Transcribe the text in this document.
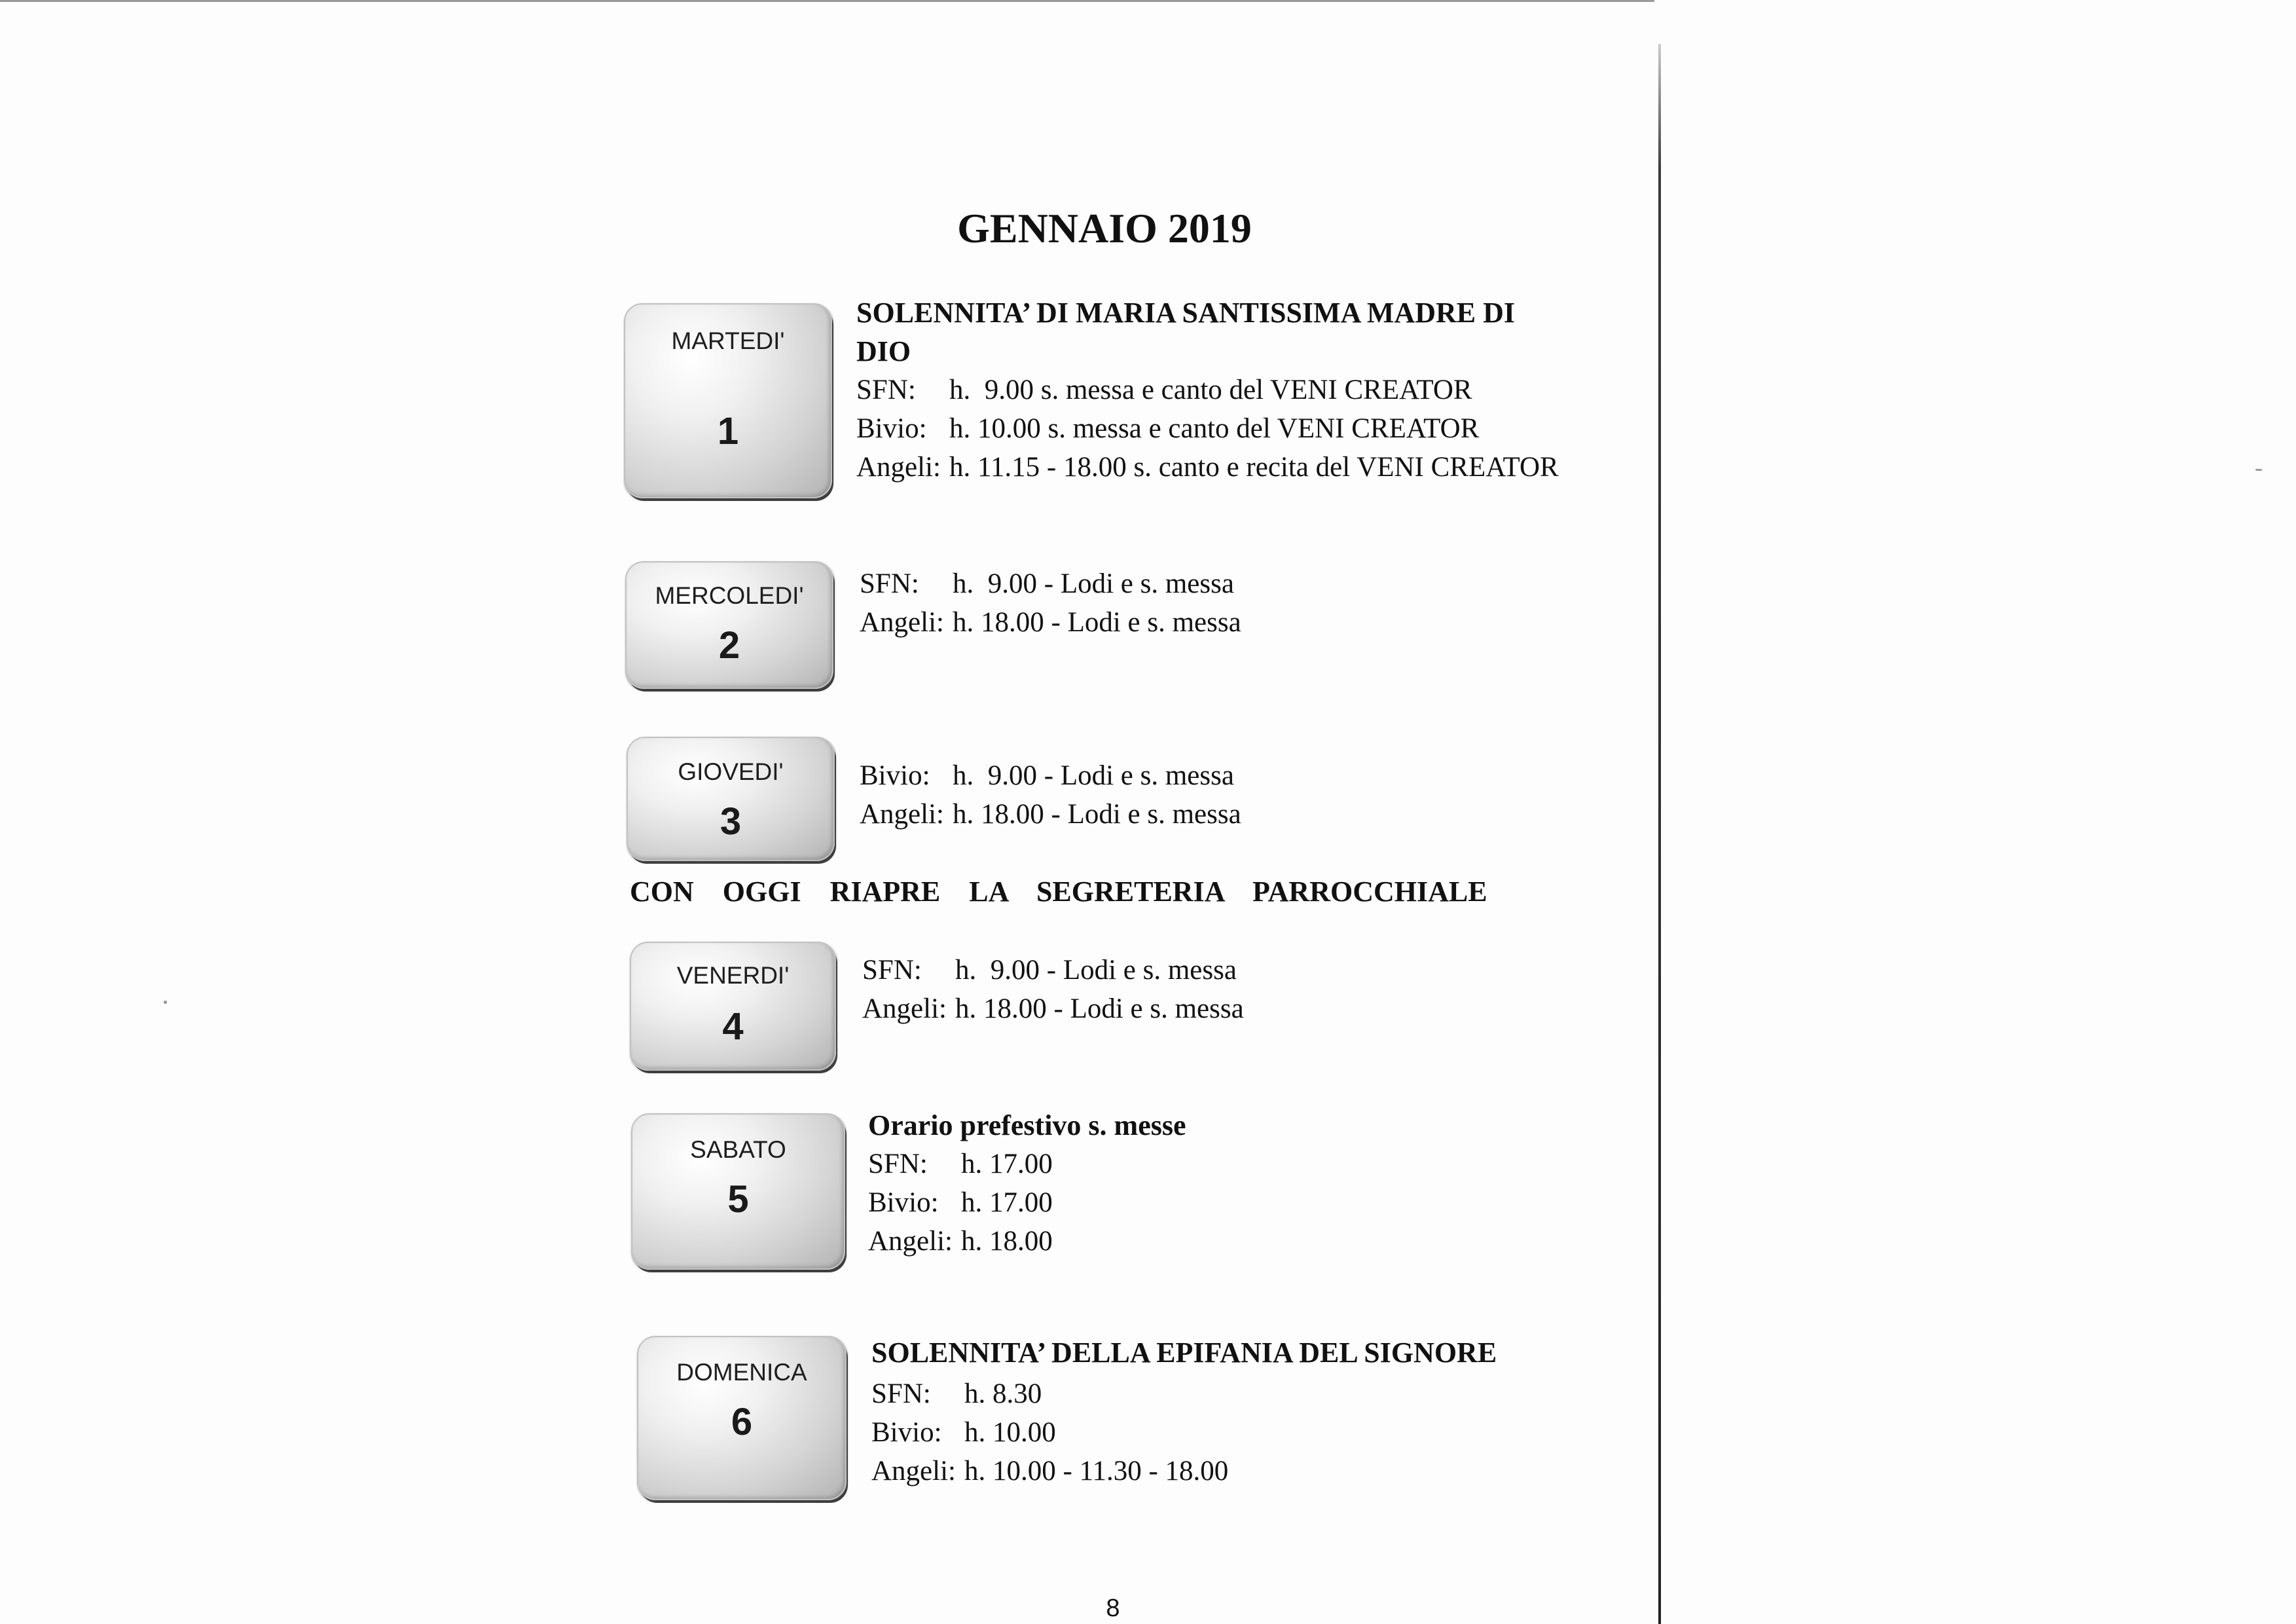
GENNAIO 2019
MARTEDI'
1
SOLENNITA’ DI MARIA SANTISSIMA MADRE DI
DIO
SFN: h.  9.00 s. messa e canto del VENI CREATOR
Bivio: h. 10.00 s. messa e canto del VENI CREATOR
Angeli: h. 11.15 - 18.00 s. canto e recita del VENI CREATOR
MERCOLEDI'
2
SFN: h.  9.00 - Lodi e s. messa
Angeli: h. 18.00 - Lodi e s. messa
GIOVEDI'
3
Bivio: h.  9.00 - Lodi e s. messa
Angeli: h. 18.00 - Lodi e s. messa
CON OGGI RIAPRE LA SEGRETERIA PARROCCHIALE
VENERDI'
4
SFN: h.  9.00 - Lodi e s. messa
Angeli: h. 18.00 - Lodi e s. messa
SABATO
5
Orario prefestivo s. messe
SFN: h. 17.00
Bivio: h. 17.00
Angeli: h. 18.00
DOMENICA
6
SOLENNITA’ DELLA EPIFANIA DEL SIGNORE
SFN: h. 8.30
Bivio: h. 10.00
Angeli: h. 10.00 - 11.30 - 18.00
8
